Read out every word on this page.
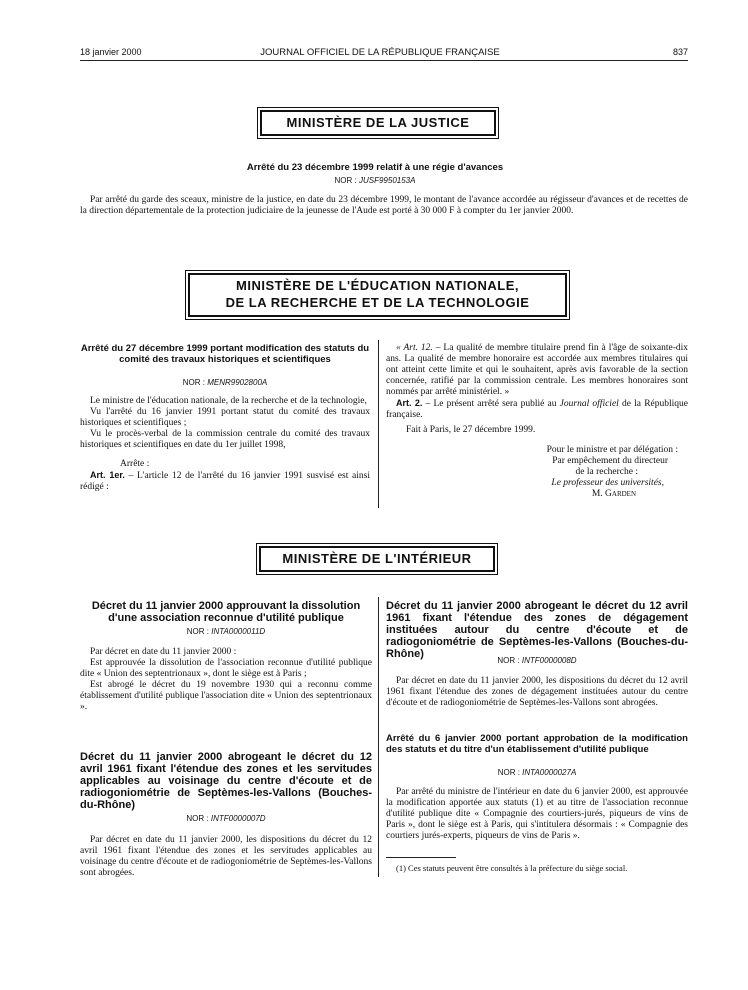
18 janvier 2000	JOURNAL OFFICIEL DE LA RÉPUBLIQUE FRANÇAISE	837
MINISTÈRE DE LA JUSTICE
Arrêté du 23 décembre 1999 relatif à une régie d'avances
NOR : JUSF9950153A

Par arrêté du garde des sceaux, ministre de la justice, en date du 23 décembre 1999, le montant de l'avance accordée au régisseur d'avances et de recettes de la direction départementale de la protection judiciaire de la jeunesse de l'Aude est porté à 30 000 F à compter du 1er janvier 2000.

MINISTÈRE DE L'ÉDUCATION NATIONALE,
DE LA RECHERCHE ET DE LA TECHNOLOGIE
Arrêté du 27 décembre 1999 portant modification des statuts du comité des travaux historiques et scientifiques
NOR : MENR9902800A

Le ministre de l'éducation nationale, de la recherche et de la technologie,

Vu l'arrêté du 16 janvier 1991 portant statut du comité des travaux historiques et scientifiques ;

Vu le procès-verbal de la commission centrale du comité des travaux historiques et scientifiques en date du 1er juillet 1998,

Arrête :

Art. 1er. – L'article 12 de l'arrêté du 16 janvier 1991 susvisé est ainsi rédigé :

« Art. 12. – La qualité de membre titulaire prend fin à l'âge de soixante-dix ans. La qualité de membre honoraire est accordée aux membres titulaires qui ont atteint cette limite et qui le souhaitent, après avis favorable de la section concernée, ratifié par la commission centrale. Les membres honoraires sont nommés par arrêté ministériel. »

Art. 2. – Le présent arrêté sera publié au Journal officiel de la République française.

Fait à Paris, le 27 décembre 1999.

Pour le ministre et par délégation :
Par empêchement du directeur
de la recherche :
Le professeur des universités,
M. Garden
MINISTÈRE DE L'INTÉRIEUR
Décret du 11 janvier 2000 approuvant la dissolution d'une association reconnue d'utilité publique
NOR : INTA0000011D

Par décret en date du 11 janvier 2000 :

Est approuvée la dissolution de l'association reconnue d'utilité publique dite « Union des septentrionaux », dont le siège est à Paris ;

Est abrogé le décret du 19 novembre 1930 qui a reconnu comme établissement d'utilité publique l'association dite « Union des septentrionaux ».

Décret du 11 janvier 2000 abrogeant le décret du 12 avril 1961 fixant l'étendue des zones et les servitudes applicables au voisinage du centre d'écoute et de radiogoniométrie de Septèmes-les-Vallons (Bouches-du-Rhône)
NOR : INTF0000007D

Par décret en date du 11 janvier 2000, les dispositions du décret du 12 avril 1961 fixant l'étendue des zones et les servitudes applicables au voisinage du centre d'écoute et de radiogoniométrie de Septèmes-les-Vallons sont abrogées.

Décret du 11 janvier 2000 abrogeant le décret du 12 avril 1961 fixant l'étendue des zones de dégagement instituées autour du centre d'écoute et de radiogoniométrie de Septèmes-les-Vallons (Bouches-du-Rhône)
NOR : INTF0000008D

Par décret en date du 11 janvier 2000, les dispositions du décret du 12 avril 1961 fixant l'étendue des zones de dégagement instituées autour du centre d'écoute et de radiogoniométrie de Septèmes-les-Vallons sont abrogées.

Arrêté du 6 janvier 2000 portant approbation de la modification des statuts et du titre d'un établissement d'utilité publique
NOR : INTA0000027A

Par arrêté du ministre de l'intérieur en date du 6 janvier 2000, est approuvée la modification apportée aux statuts (1) et au titre de l'association reconnue d'utilité publique dite « Compagnie des courtiers-jurés, piqueurs de vins de Paris », dont le siège est à Paris, qui s'intitulera désormais : « Compagnie des courtiers jurés-experts, piqueurs de vins de Paris ».

(1) Ces statuts peuvent être consultés à la préfecture du siège social.
